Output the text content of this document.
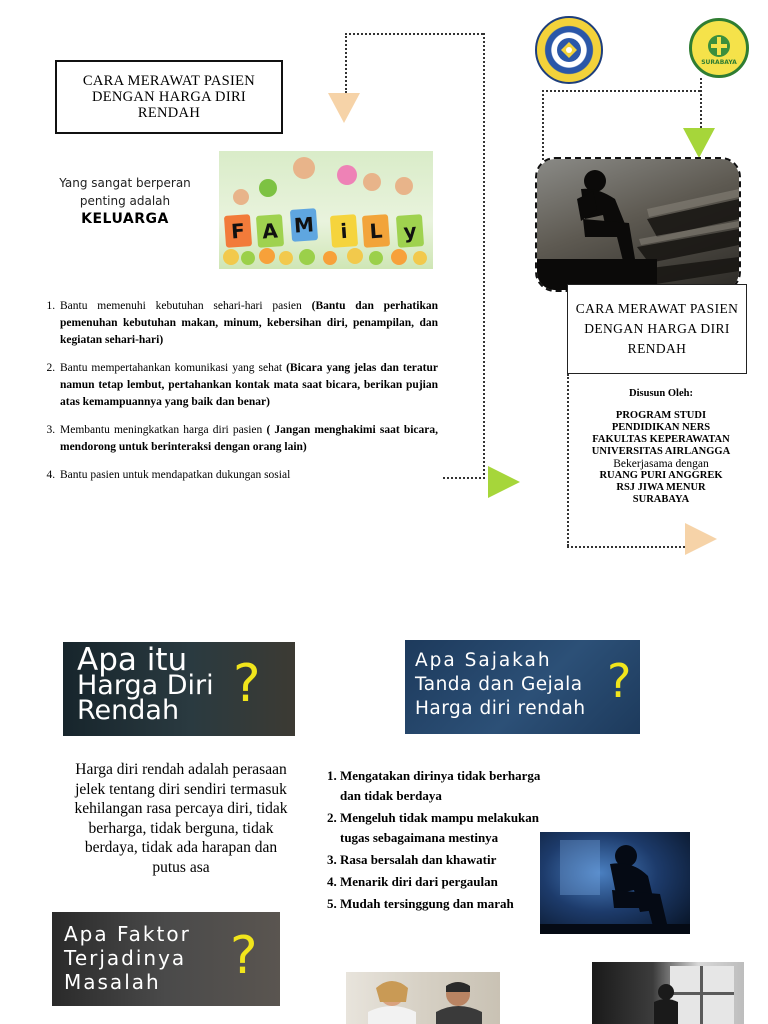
CARA MERAWAT PASIEN DENGAN HARGA DIRI RENDAH
Yang sangat berperan
penting adalah
KELUARGA	F A M	i	L y
1. Bantu memenuhi kebutuhan sehari-hari pasien (Bantu dan perhatikan pemenuhan kebutuhan makan, minum, kebersihan diri, penampilan, dan kegiatan sehari-hari)
2. Bantu mempertahankan komunikasi yang sehat (Bicara yang jelas dan teratur namun tetap lembut, pertahankan kontak mata saat bicara, berikan pujian atas kemampuannya yang baik dan benar)
3. Membantu meningkatkan harga diri pasien ( Jangan menghakimi saat bicara, mendorong untuk berinteraksi dengan orang lain)
4. Bantu pasien untuk mendapatkan dukungan sosial
SURABAYA
CARA MERAWAT PASIEN DENGAN HARGA DIRI RENDAH
Disusun Oleh:
PROGRAM STUDI
PENDIDIKAN NERS
FAKULTAS KEPERAWATAN
UNIVERSITAS AIRLANGGA
Bekerjasama dengan
RUANG PURI ANGGREK
RSJ JIWA MENUR
SURABAYA
Apa itu
Harga Diri
Rendah ?	Apa Sajakah
Tanda dan Gejala
Harga diri rendah
?
Harga diri rendah adalah perasaan jelek tentang diri sendiri termasuk kehilangan rasa percaya diri, tidak berharga, tidak berguna, tidak berdaya, tidak ada harapan dan putus asa
1. Mengatakan dirinya tidak berharga dan tidak berdaya
2. Mengeluh tidak mampu melakukan tugas sebagaimana mestinya
3. Rasa bersalah dan khawatir
4. Menarik diri dari pergaulan
5. Mudah tersinggung dan marah
Apa Faktor
Terjadinya
Masalah ?
